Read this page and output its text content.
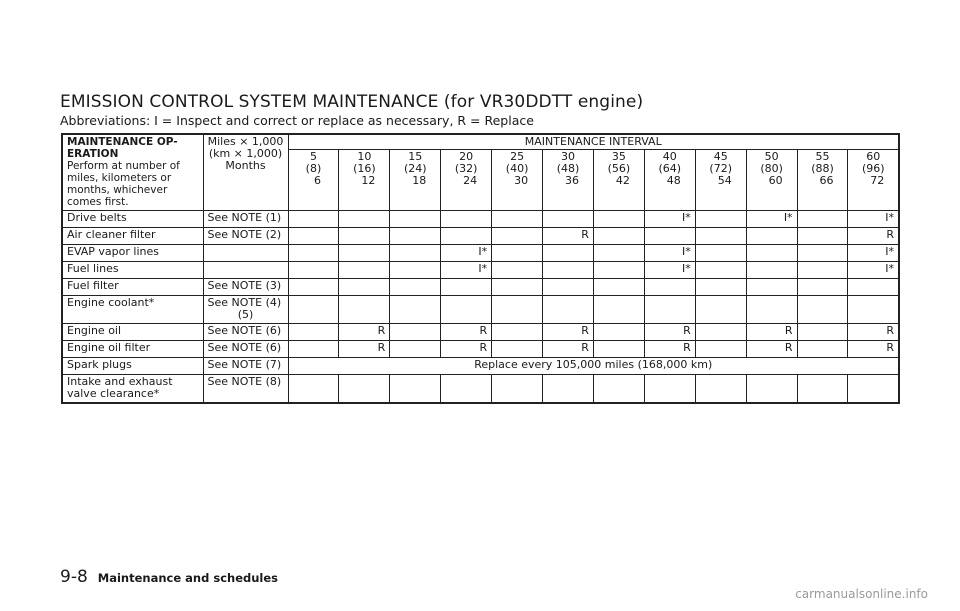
EMISSION CONTROL SYSTEM MAINTENANCE (for VR30DDTT engine)
Abbreviations: I = Inspect and correct or replace as necessary, R = Replace
MAINTENANCE OP-
ERATION
Perform at number of miles, kilometers or months, whichever comes first.	Miles × 1,000
(km × 1,000)
Months	MAINTENANCE INTERVAL											

		5
(8)
6	10
(16)
12	15
(24)
18	20
(32)
24	25
(40)
30	30
(48)
36	35
(56)
42	40
(64)
48	45
(72)
54	50
(80)
60	55
(88)
66	60
(96)
72

Drive belts	See NOTE (1)								I*		I*		I*
Air cleaner filter	See NOTE (2)						R						R
EVAP vapor lines					I*				I*				I*
Fuel lines					I*				I*				I*
Fuel filter	See NOTE (3)												

Engine coolant*	See NOTE (4)
(5)												

Engine oil	See NOTE (6)		R		R		R		R		R		R
Engine oil filter	See NOTE (6)		R		R		R		R		R		R
Spark plugs	See NOTE (7)	Replace every 105,000 miles (168,000 km)											
Intake and exhaust valve clearance*	See NOTE (8)												

9-8 Maintenance and schedules
carmanualsonline.info
